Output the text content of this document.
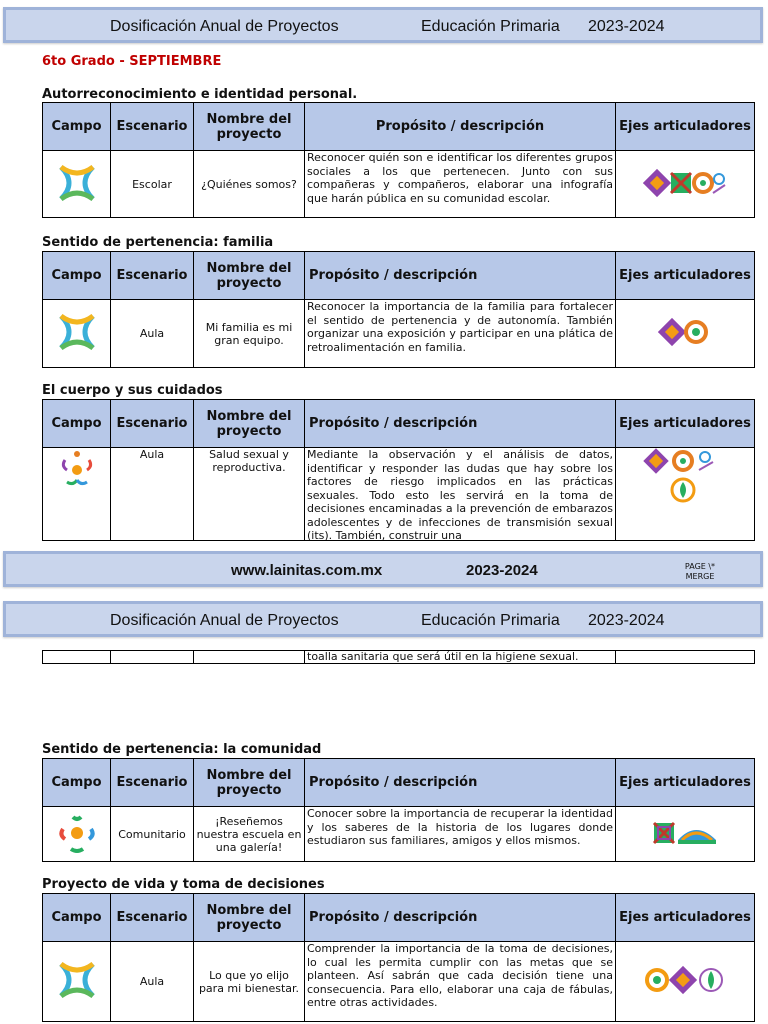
Dosificación Anual de Proyectos	Educación Primaria 2023-2024
6to Grado - SEPTIEMBRE
Autorreconocimiento e identidad personal.
Campo	Escenario	Nombre del proyecto	Propósito / descripción	Ejes articuladores
	Escolar	¿Quiénes somos?	Reconocer quién son e identificar los diferentes grupos sociales a los que pertenecen. Junto con sus compañeras y compañeros, elaborar una infografía que harán pública en su comunidad escolar.	
Sentido de pertenencia: familia
Campo	Escenario	Nombre del proyecto	Propósito / descripción	Ejes articuladores
	Aula	Mi familia es mi gran equipo.	Reconocer la importancia de la familia para fortalecer el sentido de pertenencia y de autonomía. También organizar una exposición y participar en una plática de retroalimentación en familia.	
El cuerpo y sus cuidados
Campo	Escenario	Nombre del proyecto	Propósito / descripción	Ejes articuladores
	Aula	Salud sexual y reproductiva.	Mediante la observación y el análisis de datos, identificar y responder las dudas que hay sobre los factores de riesgo implicados en las prácticas sexuales. Todo esto les servirá en la toma de decisiones encaminadas a la prevención de embarazos adolescentes y de infecciones de transmisión sexual (its). También, construir una

www.lainitas.com.mx	2023-2024	PAGE \* MERGE
Dosificación Anual de Proyectos	Educación Primaria 2023-2024
			toalla sanitaria que será útil en la higiene sexual.	
Sentido de pertenencia: la comunidad
Campo	Escenario	Nombre del proyecto	Propósito / descripción	Ejes articuladores
	Comunitario	¡Reseñemos nuestra escuela en una galería!	Conocer sobre la importancia de recuperar la identidad y los saberes de la historia de los lugares donde estudiaron sus familiares, amigos y ellos mismos.	
Proyecto de vida y toma de decisiones
Campo	Escenario	Nombre del proyecto	Propósito / descripción	Ejes articuladores
	Aula	Lo que yo elijo para mi bienestar.	Comprender la importancia de la toma de decisiones, lo cual les permita cumplir con las metas que se planteen. Así sabrán que cada decisión tiene una consecuencia. Para ello, elaborar una caja de fábulas, entre otras actividades.	
